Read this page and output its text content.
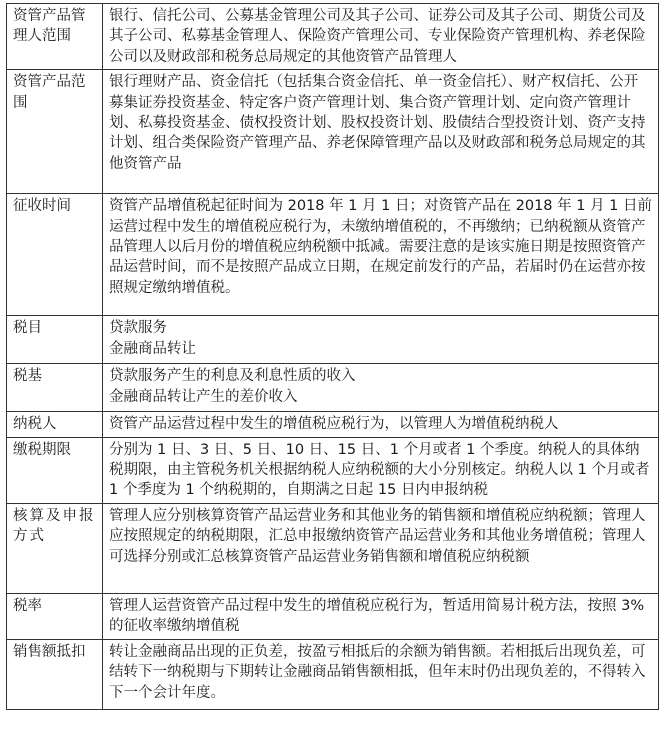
资管产品管理人范围	银行、信托公司、公募基金管理公司及其子公司、证券公司及其子公司、期货公司及其子公司、私募基金管理人、保险资产管理公司、专业保险资产管理机构、养老保险公司以及财政部和税务总局规定的其他资管产品管理人

资管产品范围	银行理财产品、资金信托（包括集合资金信托、单一资金信托）、财产权信托、公开募集证券投资基金、特定客户资产管理计划、集合资产管理计划、定向资产管理计划、私募投资基金、债权投资计划、股权投资计划、股债结合型投资计划、资产支持计划、组合类保险资产管理产品、养老保障管理产品以及财政部和税务总局规定的其他资管产品

征收时间	资管产品增值税起征时间为 2018 年 1 月 1 日；对资管产品在 2018 年 1 月 1 日前运营过程中发生的增值税应税行为，未缴纳增值税的，不再缴纳；已纳税额从资管产品管理人以后月份的增值税应纳税额中抵减。需要注意的是该实施日期是按照资管产品运营时间，而不是按照产品成立日期，在规定前发行的产品，若届时仍在运营亦按照规定缴纳增值税。

税目	贷款服务
金融商品转让

税基	贷款服务产生的利息及利息性质的收入
金融商品转让产生的差价收入

纳税人	资管产品运营过程中发生的增值税应税行为，以管理人为增值税纳税人

缴税期限	分别为 1 日、3 日、5 日、10 日、15 日、1 个月或者 1 个季度。纳税人的具体纳税期限，由主管税务机关根据纳税人应纳税额的大小分别核定。纳税人以 1 个月或者 1 个季度为 1 个纳税期的，自期满之日起 15 日内申报纳税

核算及申报方式	管理人应分别核算资管产品运营业务和其他业务的销售额和增值税应纳税额；管理人应按照规定的纳税期限，汇总申报缴纳资管产品运营业务和其他业务增值税；管理人可选择分别或汇总核算资管产品运营业务销售额和增值税应纳税额

税率	管理人运营资管产品过程中发生的增值税应税行为，暂适用简易计税方法，按照 3%的征收率缴纳增值税

销售额抵扣	转让金融商品出现的正负差，按盈亏相抵后的余额为销售额。若相抵后出现负差，可结转下一纳税期与下期转让金融商品销售额相抵，但年末时仍出现负差的，不得转入下一个会计年度。
